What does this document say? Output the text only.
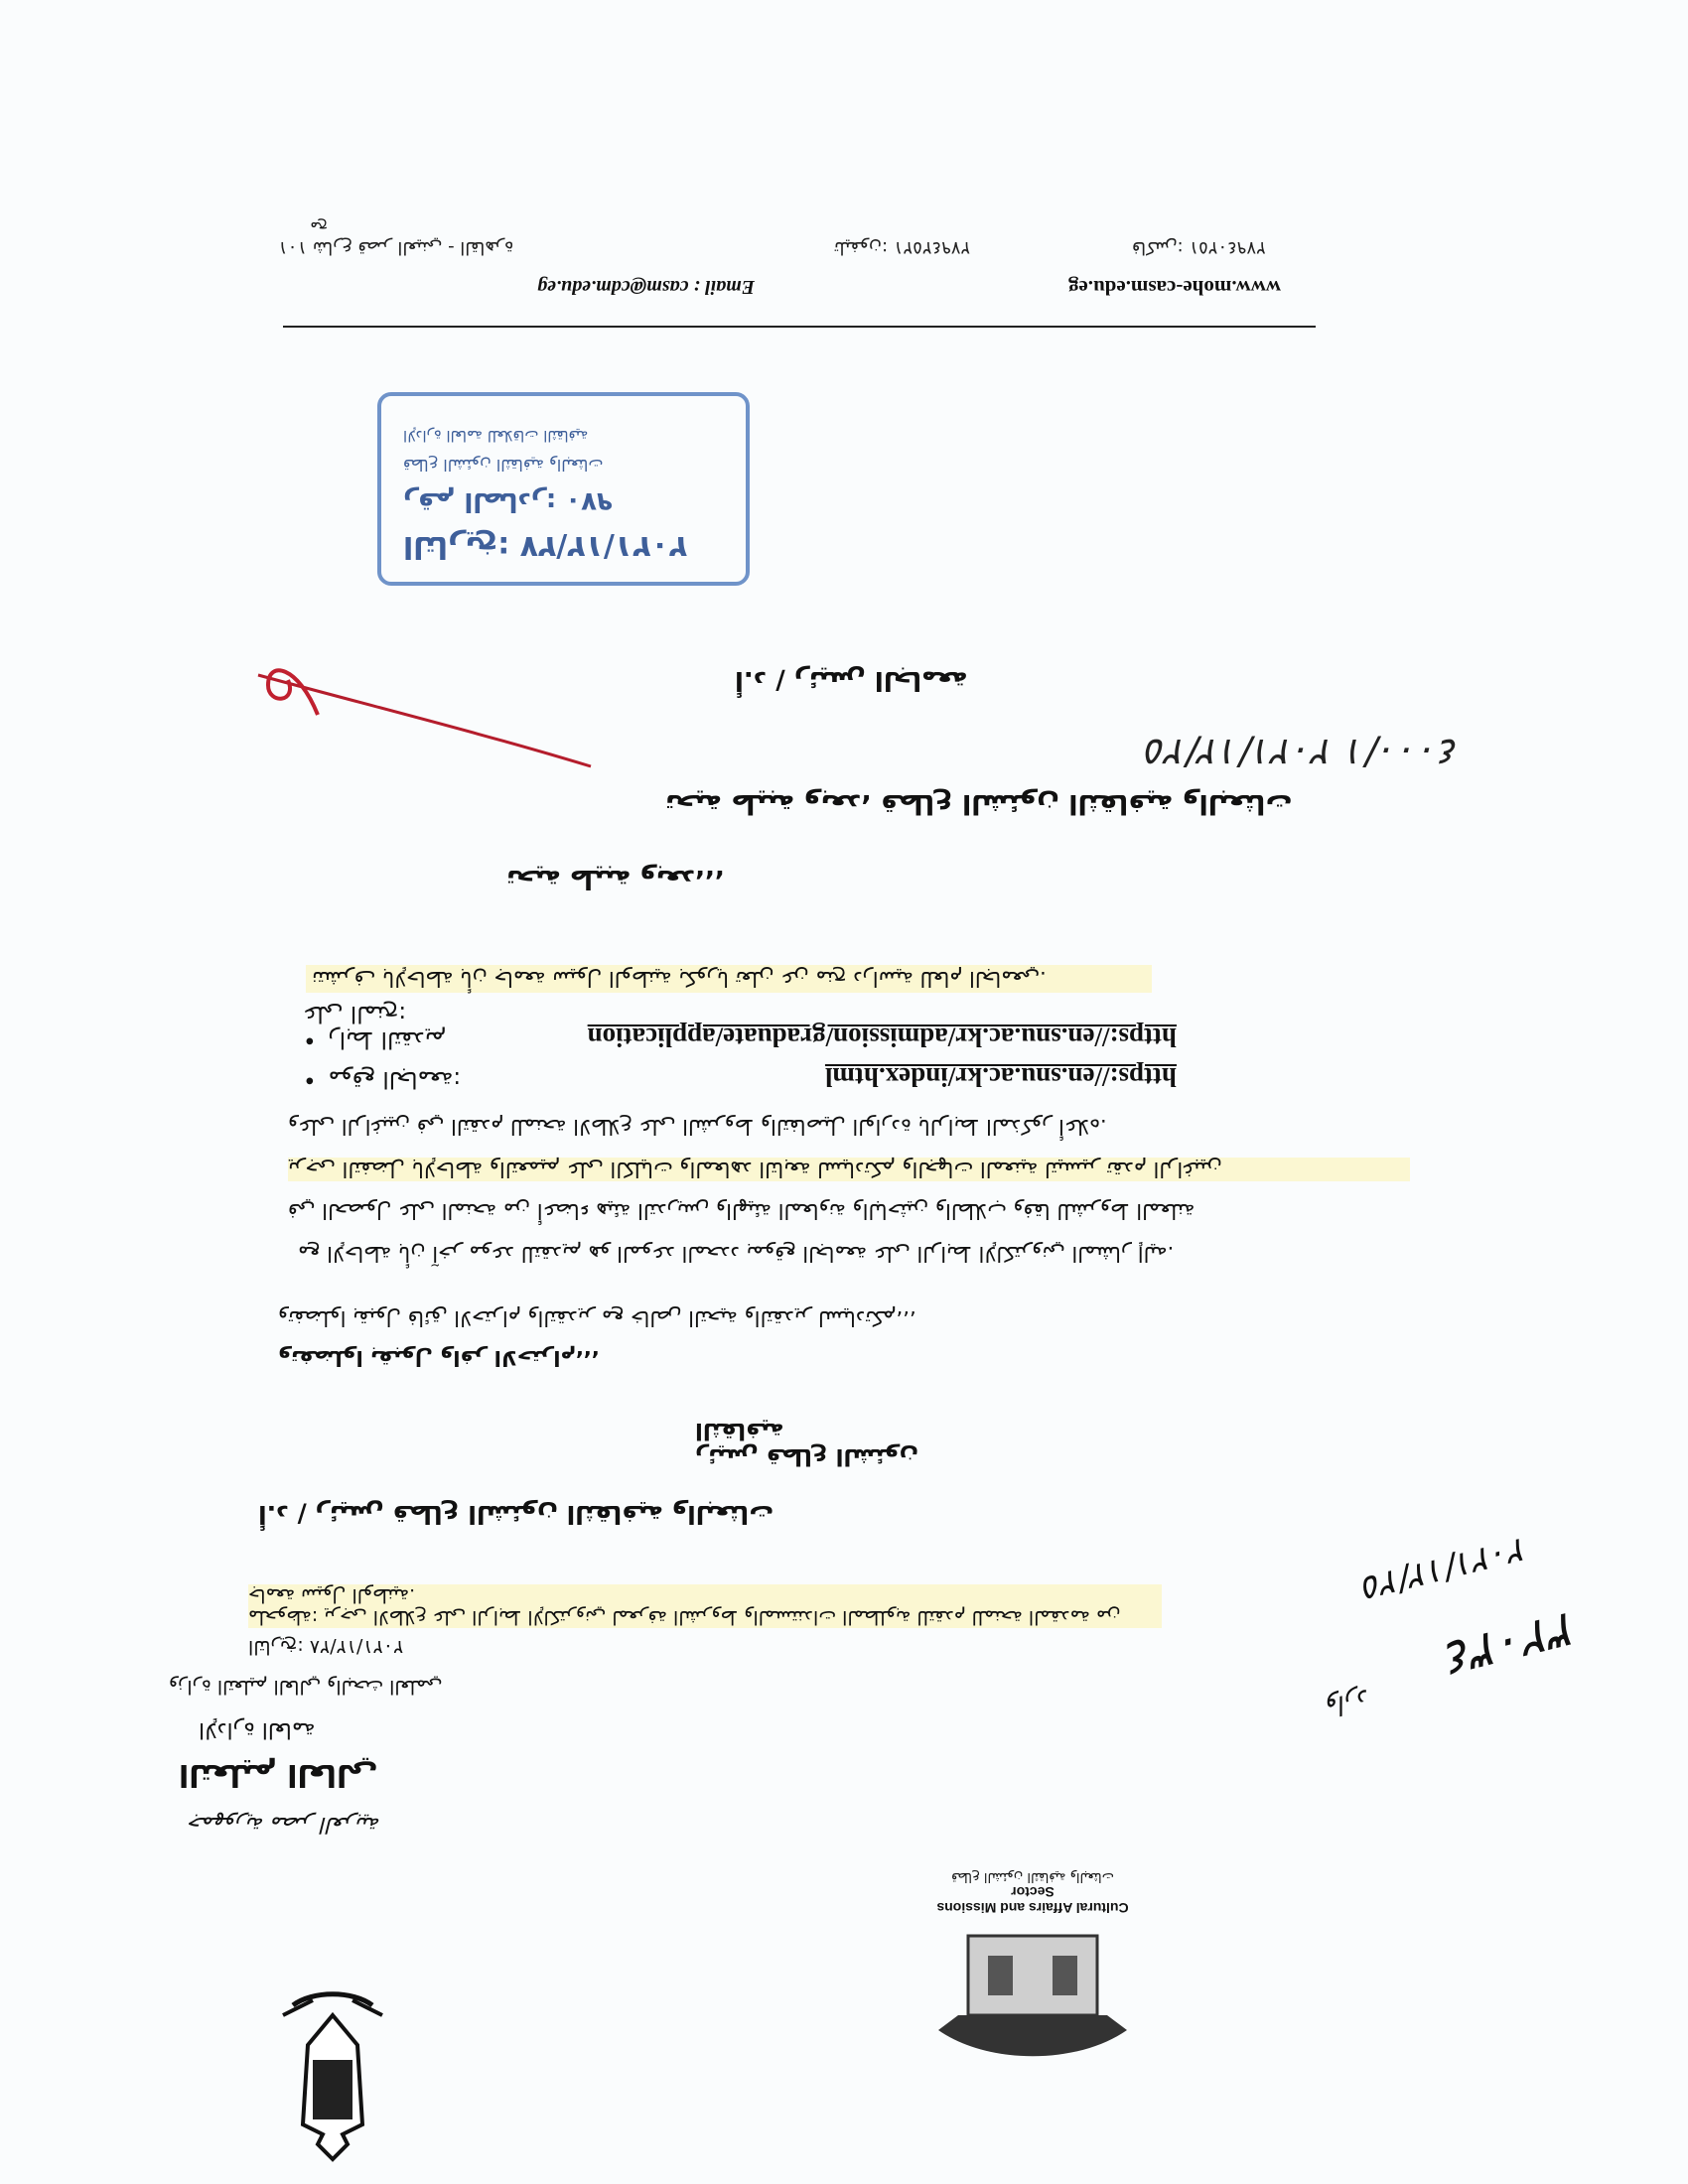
١٠١ شارع قصر العيني - القاهرة	تليفون: ٢٧٩٤٢٥٢١	فاكس: ٢٧٩٤٠٢٥١
Email : casm@cdm.edu.eg	www.mohe-casm.edu.eg
مح
التاريخ: ٢٠٢١/١٢/٢٧
رقم الصادر: ٩٧٠
قطاع الشئون الثقافية والبعثات
الإدارة العامة للعلاقات الثقافية
أ.د / رئيس الجامعة
٢٠٢١/١٢/٢٥ ٤٠٠٠/١
تحية طيبة وبعد، قطاع الشئون الثقافية والبعثات
تحية طيبة وبعد،،،
نتشرف بالإحاطة بأن جامعة سيول الوطنية بكوريا تعلن عن منح دراسية للعام الجامعي.
• رابط التقديم على المنح:
https://en.snu.ac.kr/admission/graduate/application
• موقع الجامعة:	https://en.snu.ac.kr/index.html
وعلى الراغبين في التقدم للمنحة الاطلاع على الشروط والتفاصيل الواردة بالرابط المذكور أعلاه.
يرجى التفضل بالإحاطة والتعميم على الكليات والمعاهد التابعة لسيادتكم والجهات المعنية لتيسير تقدم الراغبين
في الحصول على المنحة من أعضاء هيئة التدريس والهيئة المعاونة والباحثين والطلاب وفقا للشروط المعلنة
مع الإحاطة بأن آخر موعد للتقديم هو الموعد المحدد بموقع الجامعة على الرابط الإلكتروني المشار إليه.
وتفضلوا بقبول فائق الاحترام والتقدير مع خالص التحية والتقدير لسيادتكم،،،
وتفضلوا بقبول وافر الاحترام،،،
رئيس قطاع الشئون الثقافية
أ.د / رئيس قطاع الشئون الثقافية والبعثات
ملحوظة: يرجى الاطلاع على الرابط الإلكتروني لمعرفة الشروط والمستندات المطلوبة للتقدم للمنحة المقدمة من جامعة سيول الوطنية.
التاريخ: ٢٠٢١/١٢/٢٨
وزارة التعليم العالي والبحث العلمي
الإدارة العامة
التعليم العالي
جمهورية مصر العربية
Cultural Affairs and Missions Sector
قطاع الشئون الثقافية والبعثات
٢٠٢١/١٢/٢٥
٣٢٠٣٤
وارد
